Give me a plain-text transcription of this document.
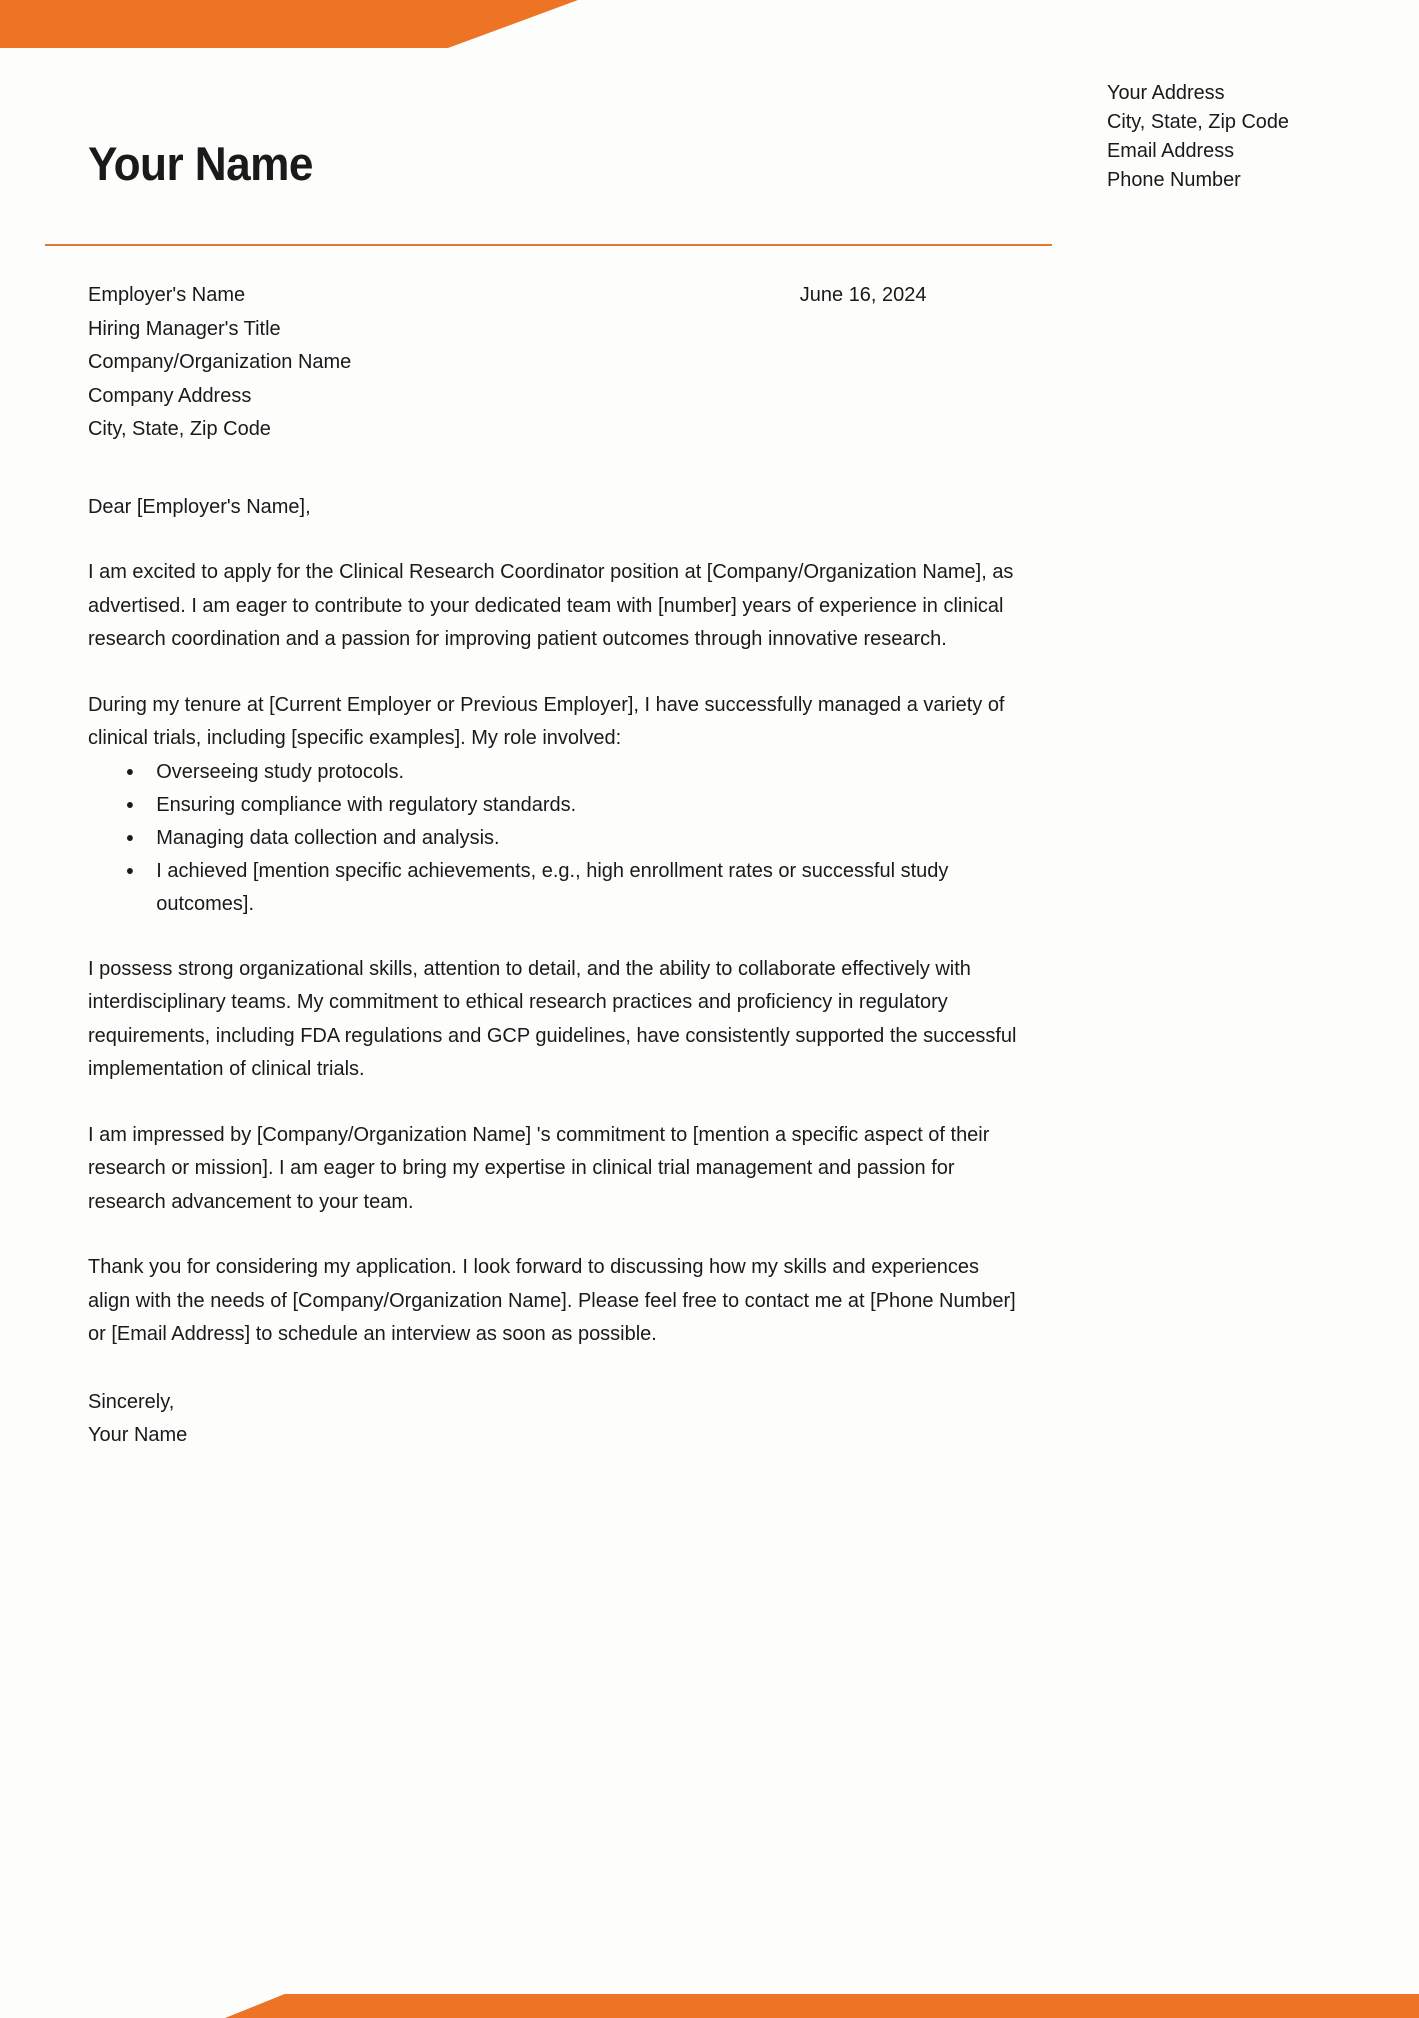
Your Name
Your Address
City, State, Zip Code
Email Address
Phone Number
Employer's Name
Hiring Manager's Title
Company/Organization Name
Company Address
City, State, Zip Code
June 16, 2024
Dear [Employer's Name],
I am excited to apply for the Clinical Research Coordinator position at [Company/Organization Name], as advertised. I am eager to contribute to your dedicated team with [number] years of experience in clinical research coordination and a passion for improving patient outcomes through innovative research.
During my tenure at [Current Employer or Previous Employer], I have successfully managed a variety of clinical trials, including [specific examples]. My role involved:
Overseeing study protocols.
Ensuring compliance with regulatory standards.
Managing data collection and analysis.
I achieved [mention specific achievements, e.g., high enrollment rates or successful study outcomes].
I possess strong organizational skills, attention to detail, and the ability to collaborate effectively with interdisciplinary teams. My commitment to ethical research practices and proficiency in regulatory requirements, including FDA regulations and GCP guidelines, have consistently supported the successful implementation of clinical trials.
I am impressed by [Company/Organization Name] 's commitment to [mention a specific aspect of their research or mission]. I am eager to bring my expertise in clinical trial management and passion for research advancement to your team.
Thank you for considering my application. I look forward to discussing how my skills and experiences align with the needs of [Company/Organization Name]. Please feel free to contact me at [Phone Number] or [Email Address] to schedule an interview as soon as possible.
Sincerely,
Your Name
